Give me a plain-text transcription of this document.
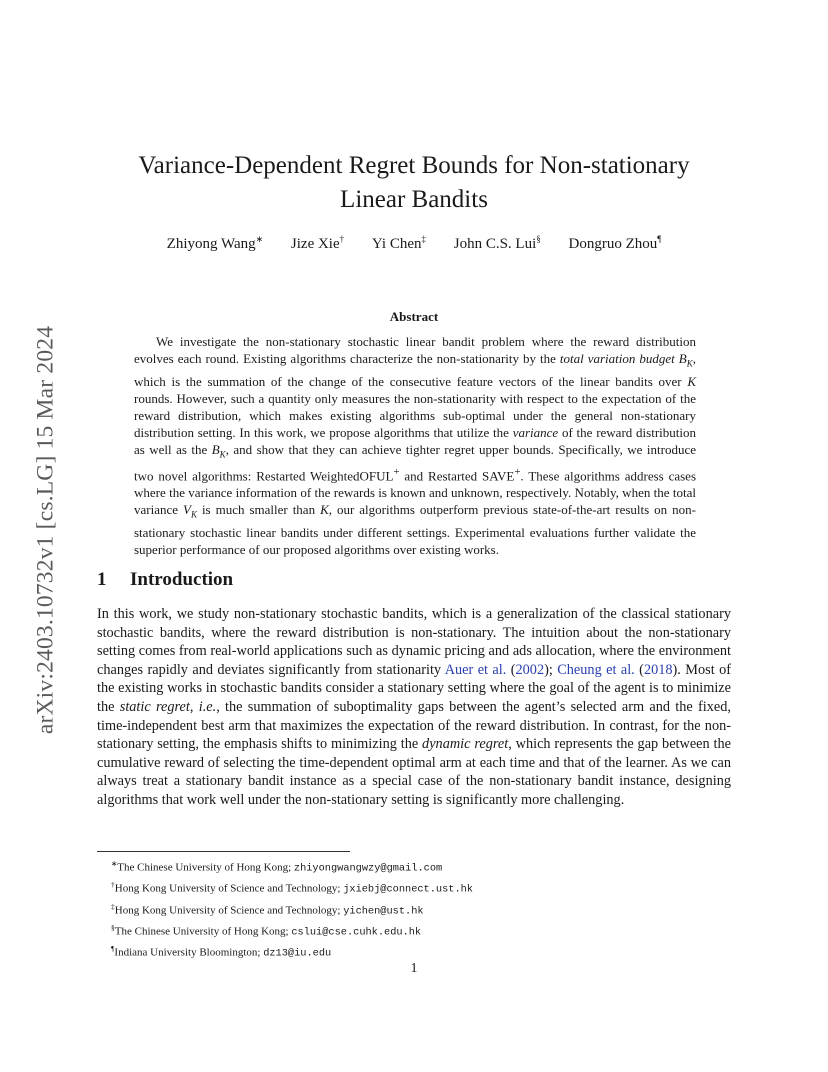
arXiv:2403.10732v1 [cs.LG] 15 Mar 2024
Variance-Dependent Regret Bounds for Non-stationary
Linear Bandits
Zhiyong Wang∗ Jize Xie† Yi Chen‡ John C.S. Lui§ Dongruo Zhou¶
Abstract
We investigate the non-stationary stochastic linear bandit problem where the reward distribution evolves each round. Existing algorithms characterize the non-stationarity by the total variation budget $B_K$, which is the summation of the change of the consecutive feature vectors of the linear bandits over K rounds. However, such a quantity only measures the non-stationarity with respect to the expectation of the reward distribution, which makes existing algorithms sub-optimal under the general non-stationary distribution setting. In this work, we propose algorithms that utilize the variance of the reward distribution as well as the $B_K$, and show that they can achieve tighter regret upper bounds. Specifically, we introduce two novel algorithms: Restarted WeightedOFUL+ and Restarted SAVE+. These algorithms address cases where the variance information of the rewards is known and unknown, respectively. Notably, when the total variance $V_K$ is much smaller than K, our algorithms outperform previous state-of-the-art results on non-stationary stochastic linear bandits under different settings. Experimental evaluations further validate the superior performance of our proposed algorithms over existing works.
1 Introduction
In this work, we study non-stationary stochastic bandits, which is a generalization of the classical stationary stochastic bandits, where the reward distribution is non-stationary. The intuition about the non-stationary setting comes from real-world applications such as dynamic pricing and ads allocation, where the environment changes rapidly and deviates significantly from stationarity Auer et al. (2002); Cheung et al. (2018). Most of the existing works in stochastic bandits consider a stationary setting where the goal of the agent is to minimize the static regret, i.e., the summation of suboptimality gaps between the agent’s selected arm and the fixed, time-independent best arm that maximizes the expectation of the reward distribution. In contrast, for the non-stationary setting, the emphasis shifts to minimizing the dynamic regret, which represents the gap between the cumulative reward of selecting the time-dependent optimal arm at each time and that of the learner. As we can always treat a stationary bandit instance as a special case of the non-stationary bandit instance, designing algorithms that work well under the non-stationary setting is significantly more challenging.
∗The Chinese University of Hong Kong; zhiyongwangwzy@gmail.com
†Hong Kong University of Science and Technology; jxiebj@connect.ust.hk
‡Hong Kong University of Science and Technology; yichen@ust.hk
§The Chinese University of Hong Kong; cslui@cse.cuhk.edu.hk
¶Indiana University Bloomington; dz13@iu.edu
1
